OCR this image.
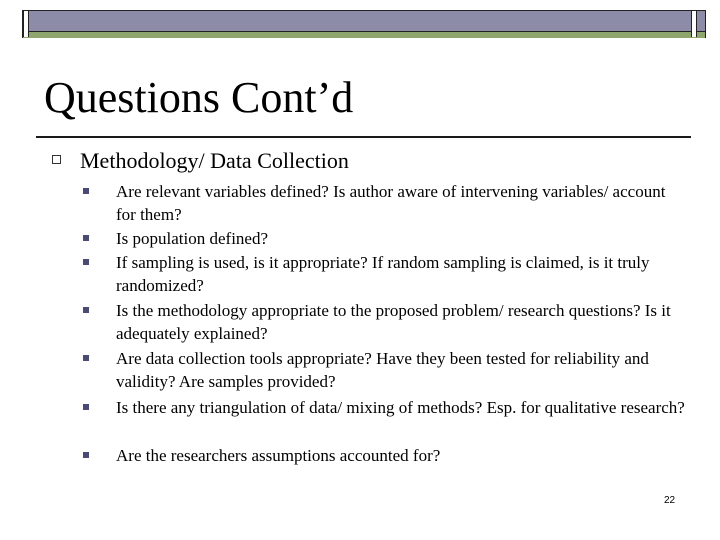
Questions Cont’d
Methodology/ Data Collection
Are relevant variables defined? Is author aware of intervening variables/ account for them?
Is population defined?
If sampling is used, is it appropriate? If random sampling is claimed, is it truly randomized?
Is the methodology appropriate to the proposed problem/ research questions? Is it adequately explained?
Are data collection tools appropriate? Have they been tested for reliability and validity? Are samples provided?
Is there any triangulation of data/ mixing of methods? Esp. for qualitative research?
Are the researchers assumptions accounted for?
22
